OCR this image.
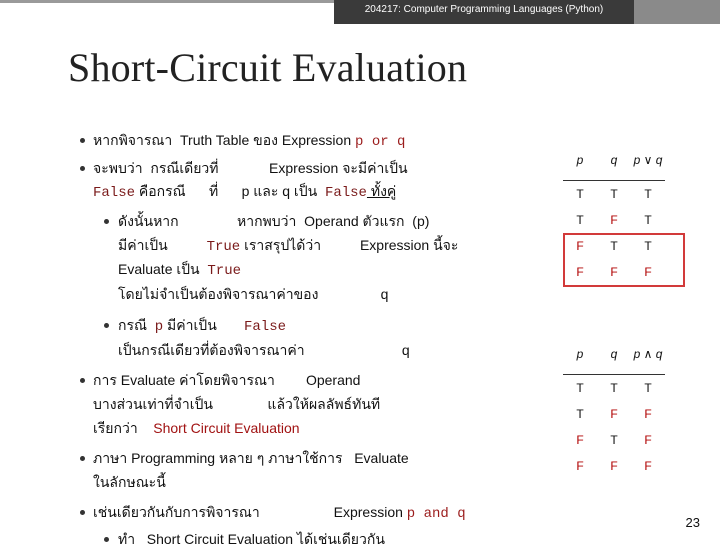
204217: Computer Programming Languages (Python)
Short-Circuit Evaluation
หากพิจารณา  Truth Table ของ Expression p or q
จะพบว่า  กรณีเดียวที่             Expression จะมีค่าเป็น
False คือกรณี      ที่      p และ q เป็น  False ทั้งคู่
ดังนั้นหาก               หากพบว่า  Operand ตัวแรก  (p)
มีค่าเป็น          True เราสรุปได้ว่า          Expression นี้จะ
Evaluate เป็น  True
โดยไม่จำเป็นต้องพิจารณาค่าของ                q
กรณี  p มีค่าเป็น       False
เป็นกรณีเดียวที่ต้องพิจารณาค่า                         q
การ Evaluate ค่าโดยพิจารณา        Operand
บางส่วนเท่าที่จำเป็น              แล้วให้ผลลัพธ์ทันที
เรียกว่า    Short Circuit Evaluation
ภาษา Programming หลาย ๆ ภาษาใช้การ   Evaluate
ในลักษณะนี้
เช่นเดียวกันกับการพิจารณา                   Expression p and q
ทำ   Short Circuit Evaluation ได้เช่นเดียวกัน
p	q	p ∨ q
T	T	T
T	F	T
F	T	T
F	F	F
p	q	p ∧ q
T	T	T
T	F	F
F	T	F
F	F	F
23
